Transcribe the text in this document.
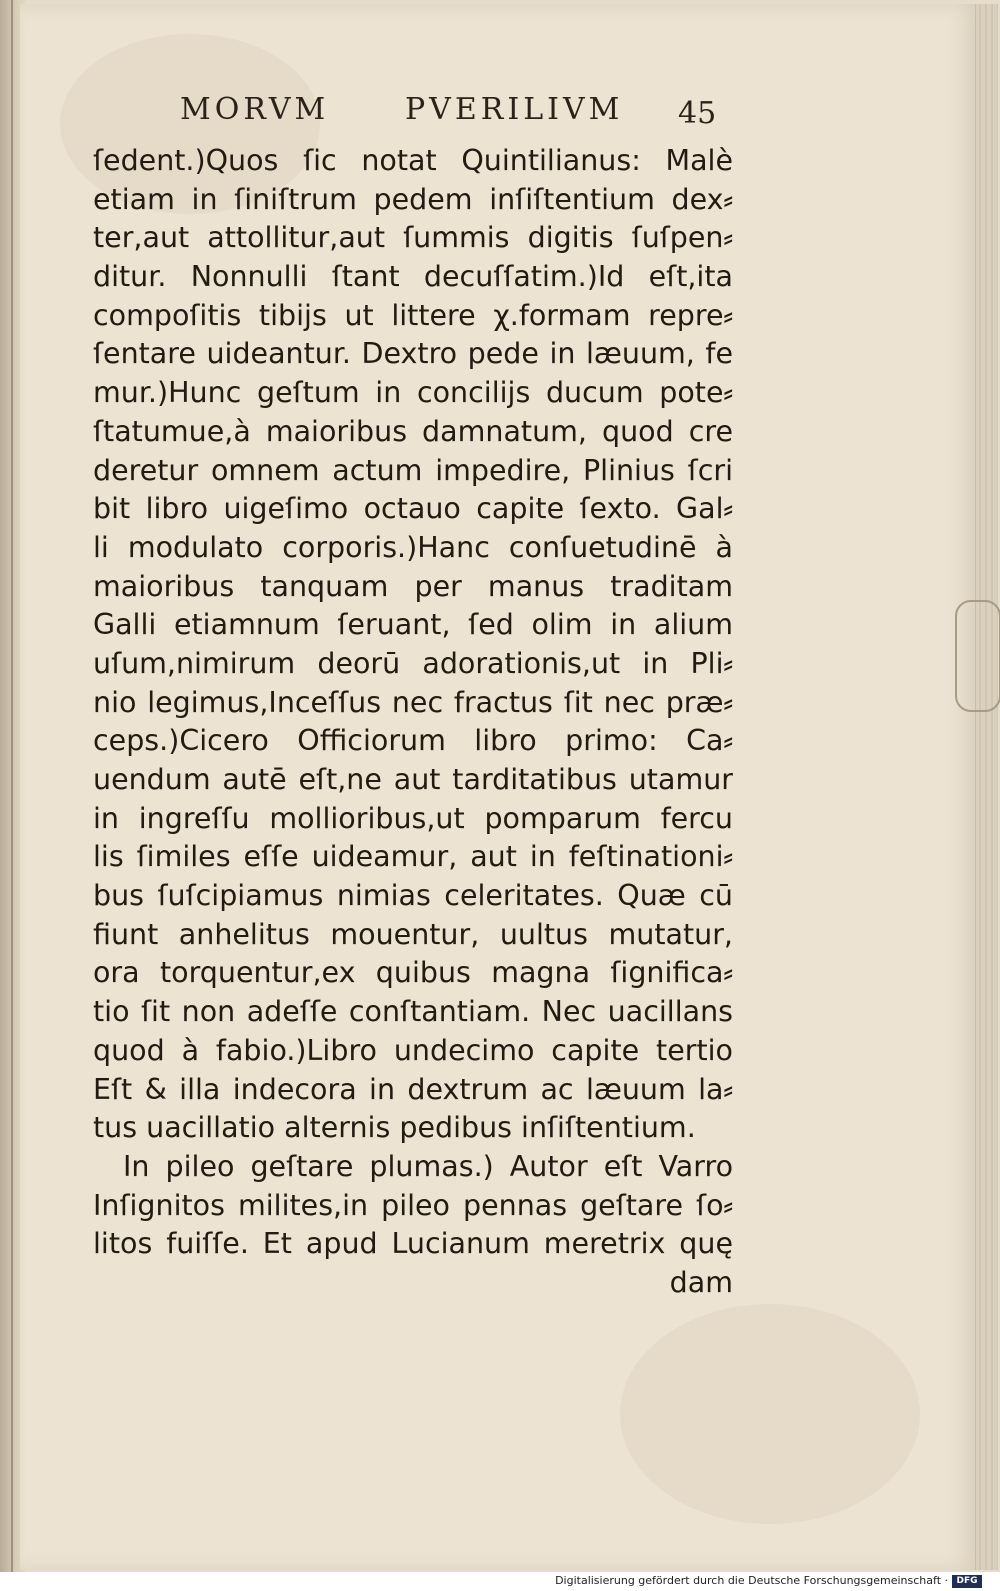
MORVM	PVERILIVM 45
ſedent.)Quos ſic notat Quintilianus: Malè
etiam in ſiniſtrum pedem inſiſtentium dex⸗
ter,aut attollitur,aut ſummis digitis ſuſpen⸗
ditur. Nonnulli ſtant decuſſatim.)Id eſt,ita
compoſitis tibijs ut littere χ.formam repre⸗
ſentare uideantur. Dextro pede in læuum, fe
mur.)Hunc geſtum in concilijs ducum pote⸗
ſtatumue,à maioribus damnatum, quod cre
deretur omnem actum impedire, Plinius ſcri
bit libro uigeſimo octauo capite ſexto. Gal⸗
li modulato corporis.)Hanc conſuetudinē à
maioribus tanquam per manus traditam
Galli etiamnum ſeruant, ſed olim in alium
uſum,nimirum deorū adorationis,ut in Pli⸗
nio legimus,Inceſſus nec fractus ſit nec præ⸗
ceps.)Cicero Officiorum libro primo: Ca⸗
uendum autē eſt,ne aut tarditatibus utamur
in ingreſſu mollioribus,ut pomparum fercu
lis ſimiles eſſe uideamur, aut in feſtinationi⸗
bus ſuſcipiamus nimias celeritates. Quæ cū
fiunt anhelitus mouentur, uultus mutatur,
ora torquentur,ex quibus magna ſignifica⸗
tio ſit non adeſſe conſtantiam. Nec uacillans
quod à fabio.)Libro undecimo capite tertio
Eſt & illa indecora in dextrum ac læuum la⸗
tus uacillatio alternis pedibus inſiſtentium.
In pileo geſtare plumas.) Autor eſt Varro
Inſignitos milites,in pileo pennas geſtare ſo⸗
litos fuiſſe. Et apud Lucianum meretrix quę
dam
Digitalisierung gefördert durch die Deutsche Forschungsgemeinschaft · DFG
